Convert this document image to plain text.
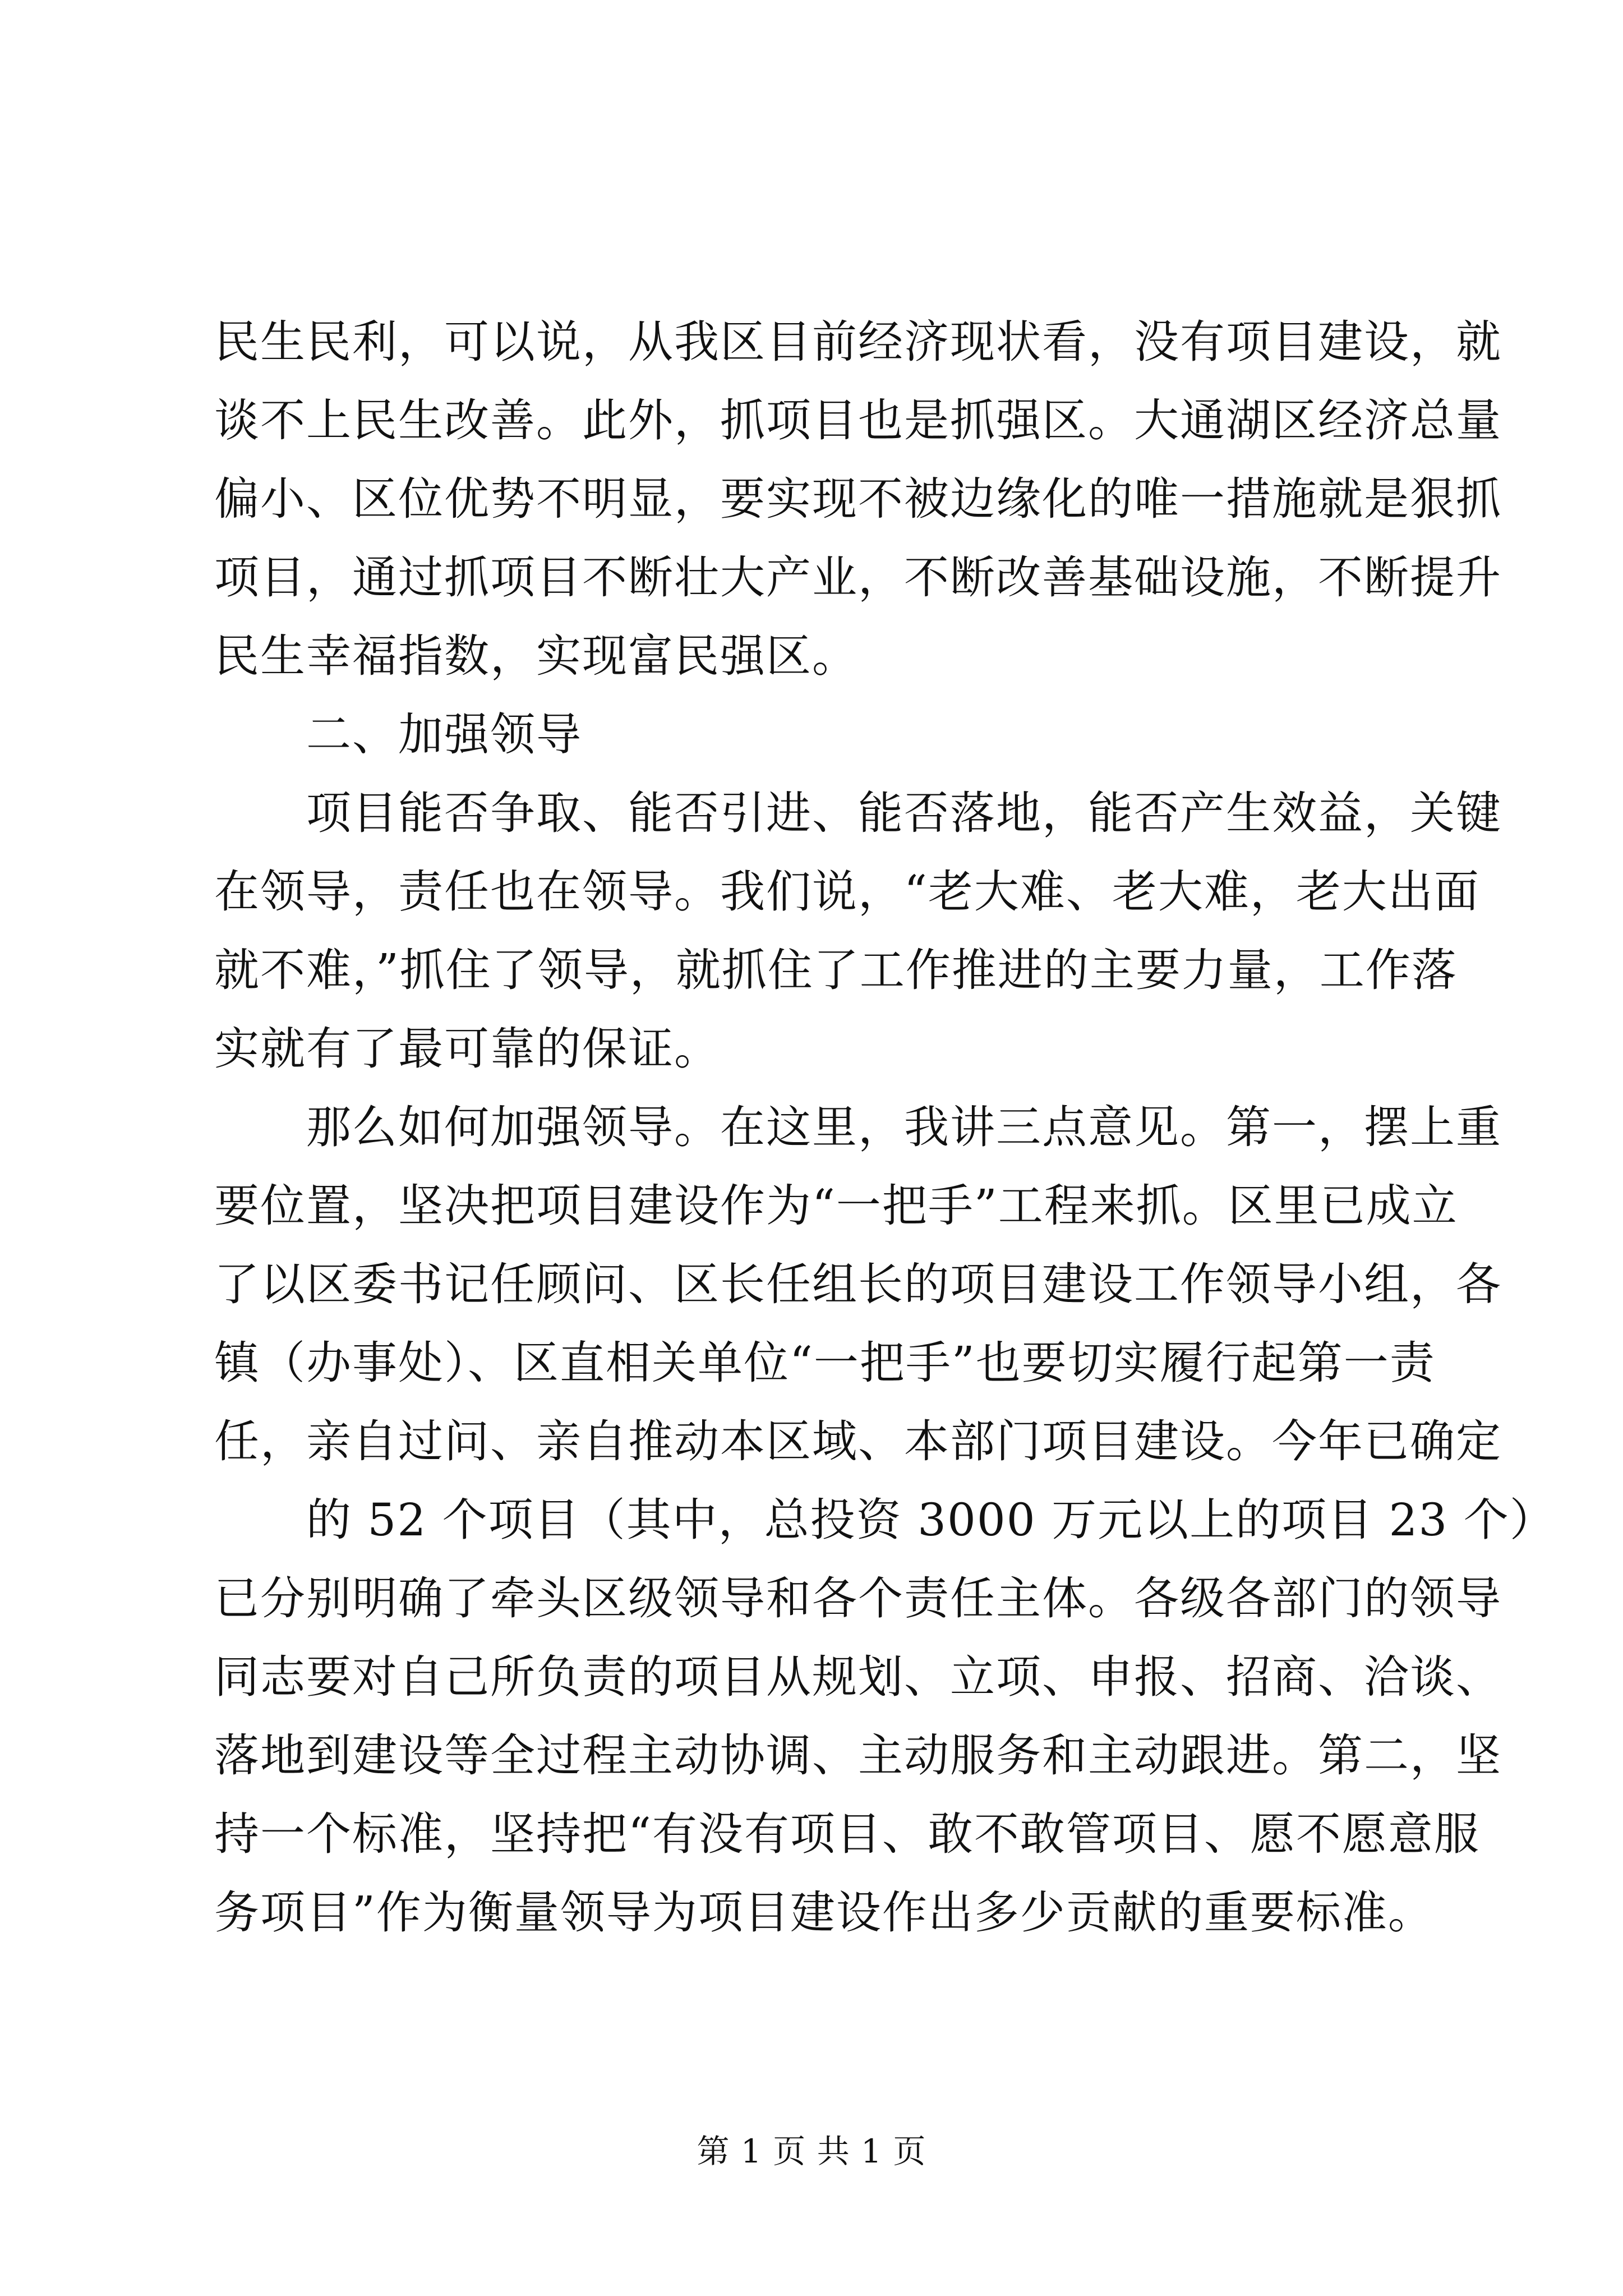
民生民利，可以说，从我区目前经济现状看，没有项目建设，就
谈不上民生改善。此外，抓项目也是抓强区。大通湖区经济总量
偏小、区位优势不明显，要实现不被边缘化的唯一措施就是狠抓
项目，通过抓项目不断壮大产业，不断改善基础设施，不断提升
民生幸福指数，实现富民强区。
二、加强领导
项目能否争取、能否引进、能否落地，能否产生效益，关键
在领导，责任也在领导。我们说，“老大难、老大难，老大出面
就不难，”抓住了领导，就抓住了工作推进的主要力量，工作落
实就有了最可靠的保证。
那么如何加强领导。在这里，我讲三点意见。第一，摆上重
要位置，坚决把项目建设作为“一把手”工程来抓。区里已成立
了以区委书记任顾问、区长任组长的项目建设工作领导小组，各
镇（办事处）、区直相关单位“一把手”也要切实履行起第一责
任，亲自过问、亲自推动本区域、本部门项目建设。今年已确定
的 52 个项目（其中，总投资 3000 万元以上的项目 23 个）
已分别明确了牵头区级领导和各个责任主体。各级各部门的领导
同志要对自己所负责的项目从规划、立项、申报、招商、洽谈、
落地到建设等全过程主动协调、主动服务和主动跟进。第二，坚
持一个标准，坚持把“有没有项目、敢不敢管项目、愿不愿意服
务项目”作为衡量领导为项目建设作出多少贡献的重要标准。
第 1 页 共 1 页
